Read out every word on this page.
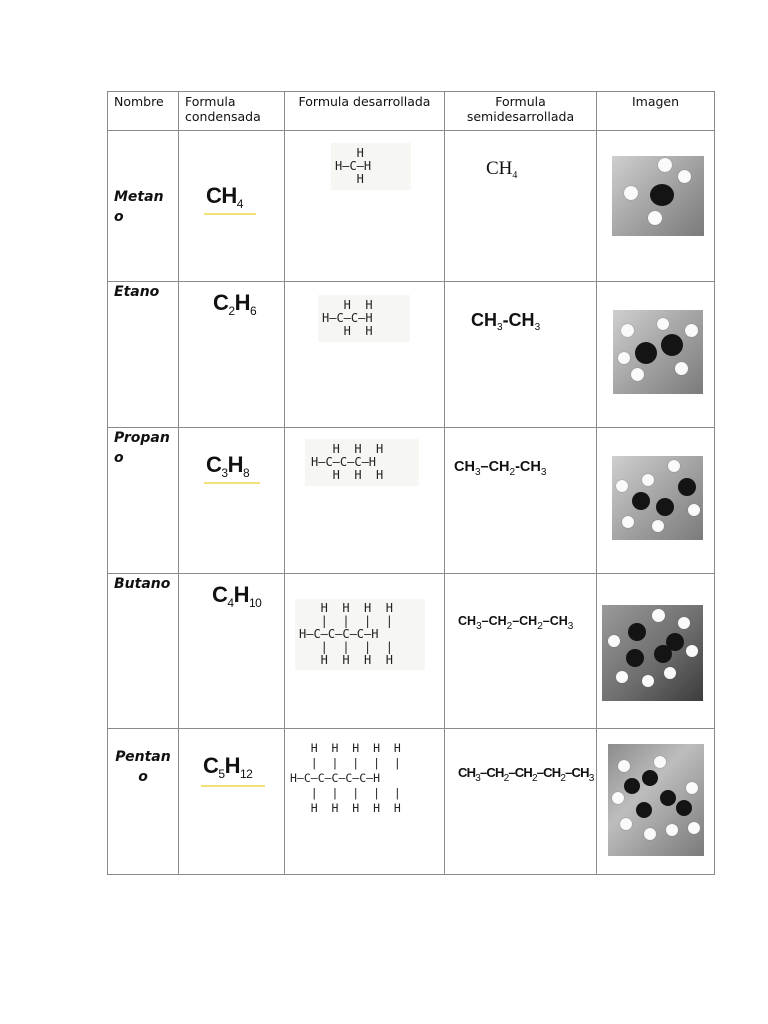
Nombre	Formula condensada	Formula desarrollada	Formula semidesarrollada	Imagen

Metano	$CH_4$	H
H–C–H
H	$CH_4$

Etano	$C_2H_6$	H  H
H–C–C–H
H  H	$CH_3-CH_3$

Propano	$C_3H_8$	H  H  H
H–C–C–C–H
H  H  H	$CH_3-CH_2-CH_3$

Butano	$C_4H_{10}$	H  H  H  H
|  |  |  |
H–C–C–C–C–H
|  |  |  |
H  H  H  H	$CH_3-CH_2-CH_2-CH_3$

Pentano	$C_5H_{12}$	H  H  H  H  H
|  |  |  |  |
H–C–C–C–C–C–H
|  |  |  |  |
H  H  H  H  H	$CH_3-CH_2-CH_2-CH_2-CH_3$
